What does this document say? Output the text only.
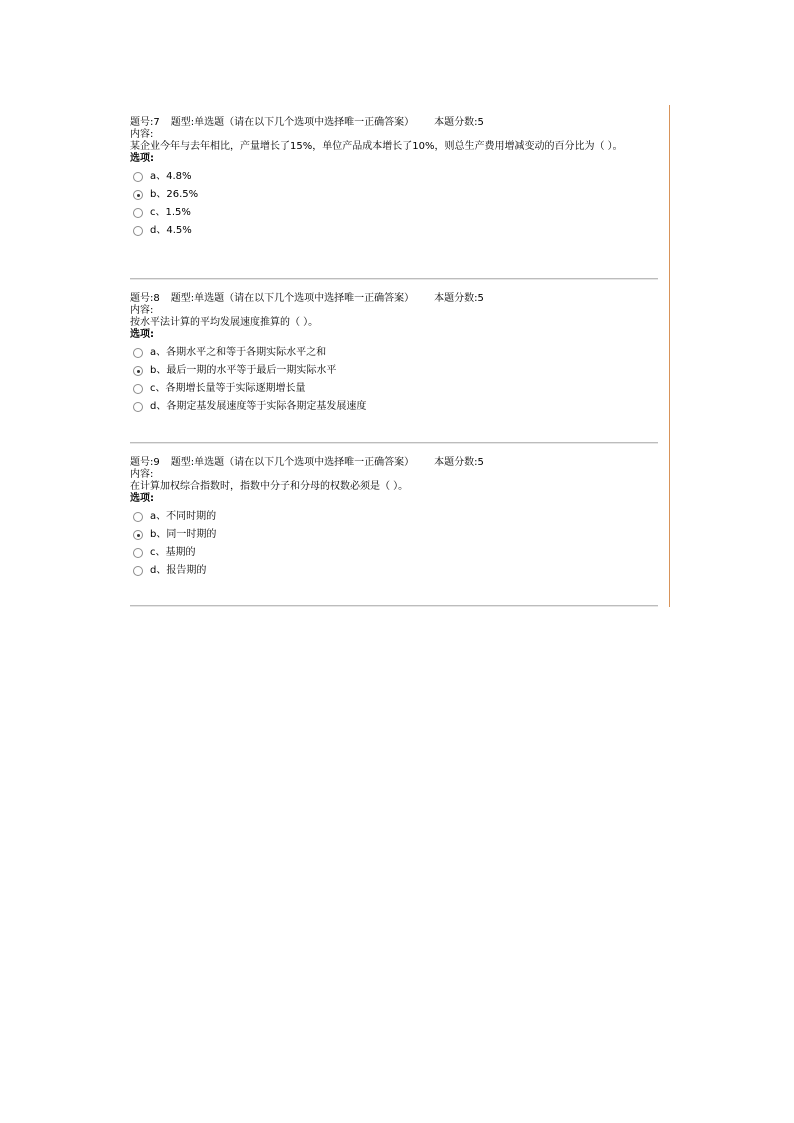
题号:7 题型:单选题（请在以下几个选项中选择唯一正确答案） 本题分数:5
内容:
某企业今年与去年相比，产量增长了15%，单位产品成本增长了10%，则总生产费用增减变动的百分比为（ ）。
选项:
a、4.8%
b、26.5%
c、1.5%
d、4.5%
题号:8 题型:单选题（请在以下几个选项中选择唯一正确答案） 本题分数:5
内容:
按水平法计算的平均发展速度推算的（ ）。
选项:
a、各期水平之和等于各期实际水平之和
b、最后一期的水平等于最后一期实际水平
c、各期增长量等于实际逐期增长量
d、各期定基发展速度等于实际各期定基发展速度
题号:9 题型:单选题（请在以下几个选项中选择唯一正确答案） 本题分数:5
内容:
在计算加权综合指数时，指数中分子和分母的权数必须是（ ）。
选项:
a、不同时期的
b、同一时期的
c、基期的
d、报告期的
